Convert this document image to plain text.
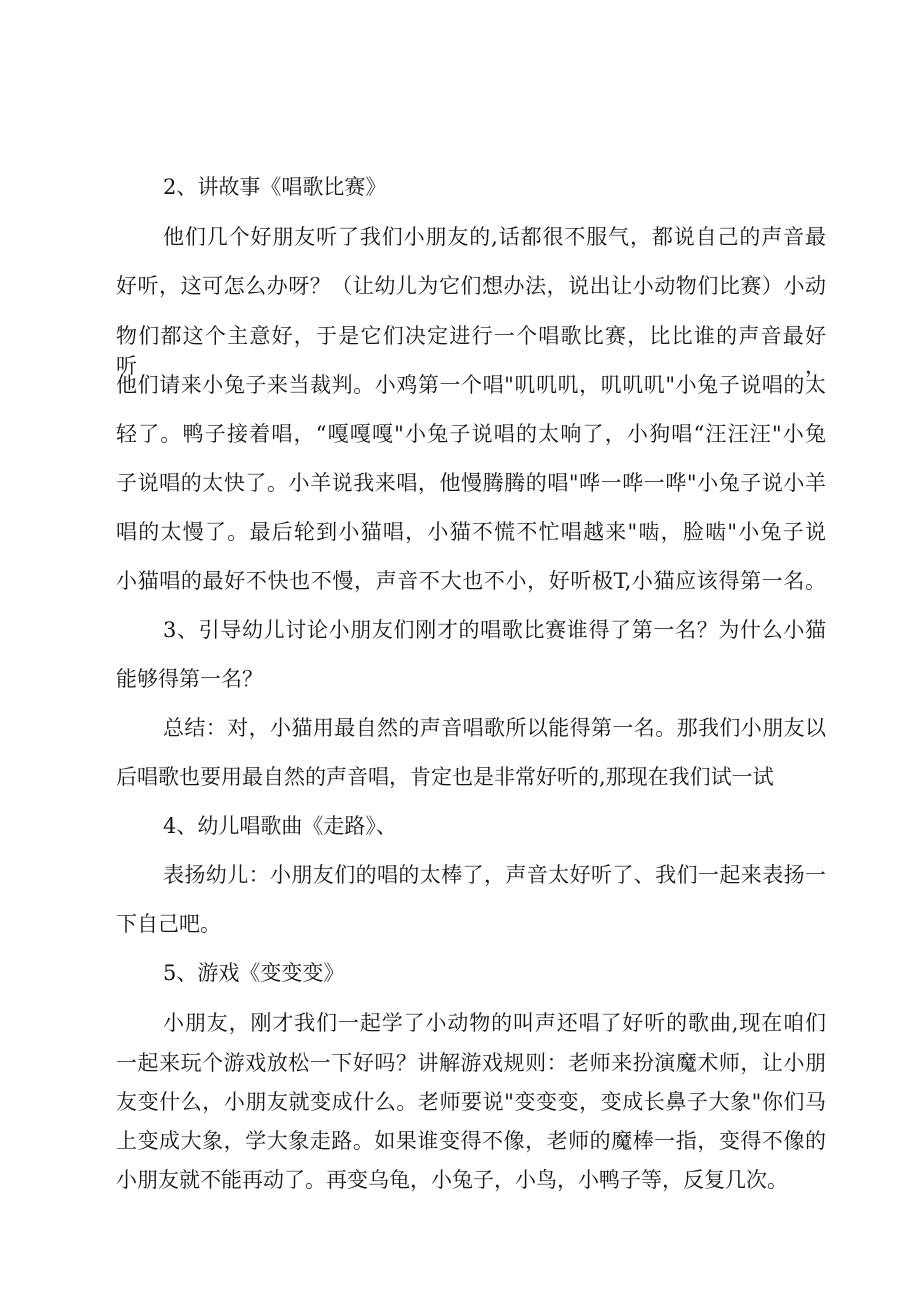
2、讲故事《唱歌比赛》

他们几个好朋友听了我们小朋友的,话都很不服气，都说自己的声音最

好听，这可怎么办呀？（让幼儿为它们想办法，说出让小动物们比赛）小动

物们都这个主意好，于是它们决定进行一个唱歌比赛，比比谁的声音最好听，

他们请来小兔子来当裁判。小鸡第一个唱"叽叽叽，叽叽叽"小兔子说唱的太

轻了。鸭子接着唱，“嘎嘎嘎"小兔子说唱的太响了，小狗唱“汪汪汪"小兔

子说唱的太快了。小羊说我来唱，他慢腾腾的唱"哗一哗一哗"小兔子说小羊

唱的太慢了。最后轮到小猫唱，小猫不慌不忙唱越来"啮，脸啮"小兔子说

小猫唱的最好不快也不慢，声音不大也不小，好听极T,小猫应该得第一名。

3、引导幼儿讨论小朋友们刚才的唱歌比赛谁得了第一名？为什么小猫

能够得第一名？

总结：对，小猫用最自然的声音唱歌所以能得第一名。那我们小朋友以

后唱歌也要用最自然的声音唱，肯定也是非常好听的,那现在我们试一试

4、幼儿唱歌曲《走路》、

表扬幼儿：小朋友们的唱的太棒了，声音太好听了、我们一起来表扬一

下自己吧。

5、游戏《变变变》

小朋友，刚才我们一起学了小动物的叫声还唱了好听的歌曲,现在咱们

一起来玩个游戏放松一下好吗？讲解游戏规则：老师来扮演魔术师，让小朋

友变什么，小朋友就变成什么。老师要说"变变变，变成长鼻子大象"你们马

上变成大象，学大象走路。如果谁变得不像，老师的魔棒一指，变得不像的

小朋友就不能再动了。再变乌龟，小兔子，小鸟，小鸭子等，反复几次。
